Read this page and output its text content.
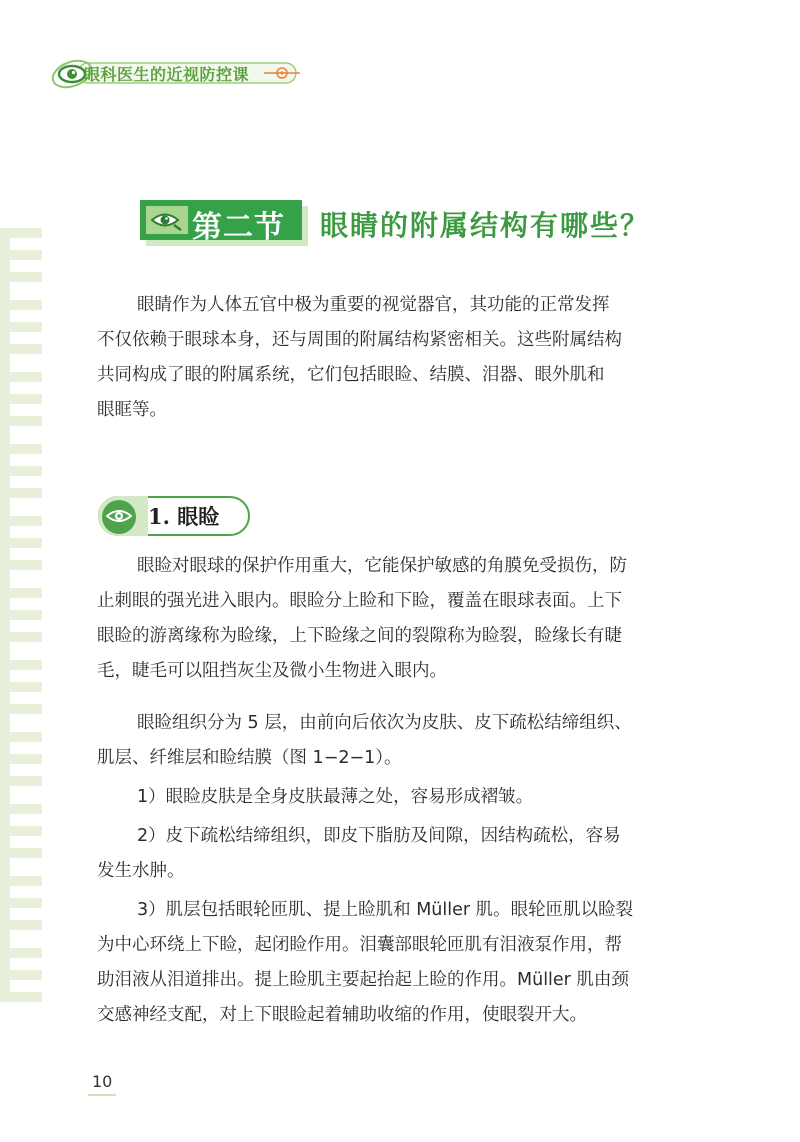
眼科医生的近视防控课
第二节 眼睛的附属结构有哪些？
眼睛作为人体五官中极为重要的视觉器官，其功能的正常发挥
不仅依赖于眼球本身，还与周围的附属结构紧密相关。这些附属结构
共同构成了眼的附属系统，它们包括眼睑、结膜、泪器、眼外肌和
眼眶等。
1. 眼睑
眼睑对眼球的保护作用重大，它能保护敏感的角膜免受损伤，防
止刺眼的强光进入眼内。眼睑分上睑和下睑，覆盖在眼球表面。上下
眼睑的游离缘称为睑缘，上下睑缘之间的裂隙称为睑裂，睑缘长有睫
毛，睫毛可以阻挡灰尘及微小生物进入眼内。
眼睑组织分为 5 层，由前向后依次为皮肤、皮下疏松结缔组织、
肌层、纤维层和睑结膜（图 1−2−1）。
1）眼睑皮肤是全身皮肤最薄之处，容易形成褶皱。
2）皮下疏松结缔组织，即皮下脂肪及间隙，因结构疏松，容易
发生水肿。
3）肌层包括眼轮匝肌、提上睑肌和 Müller 肌。眼轮匝肌以睑裂
为中心环绕上下睑，起闭睑作用。泪囊部眼轮匝肌有泪液泵作用，帮
助泪液从泪道排出。提上睑肌主要起抬起上睑的作用。Müller 肌由颈
交感神经支配，对上下眼睑起着辅助收缩的作用，使眼裂开大。
10
